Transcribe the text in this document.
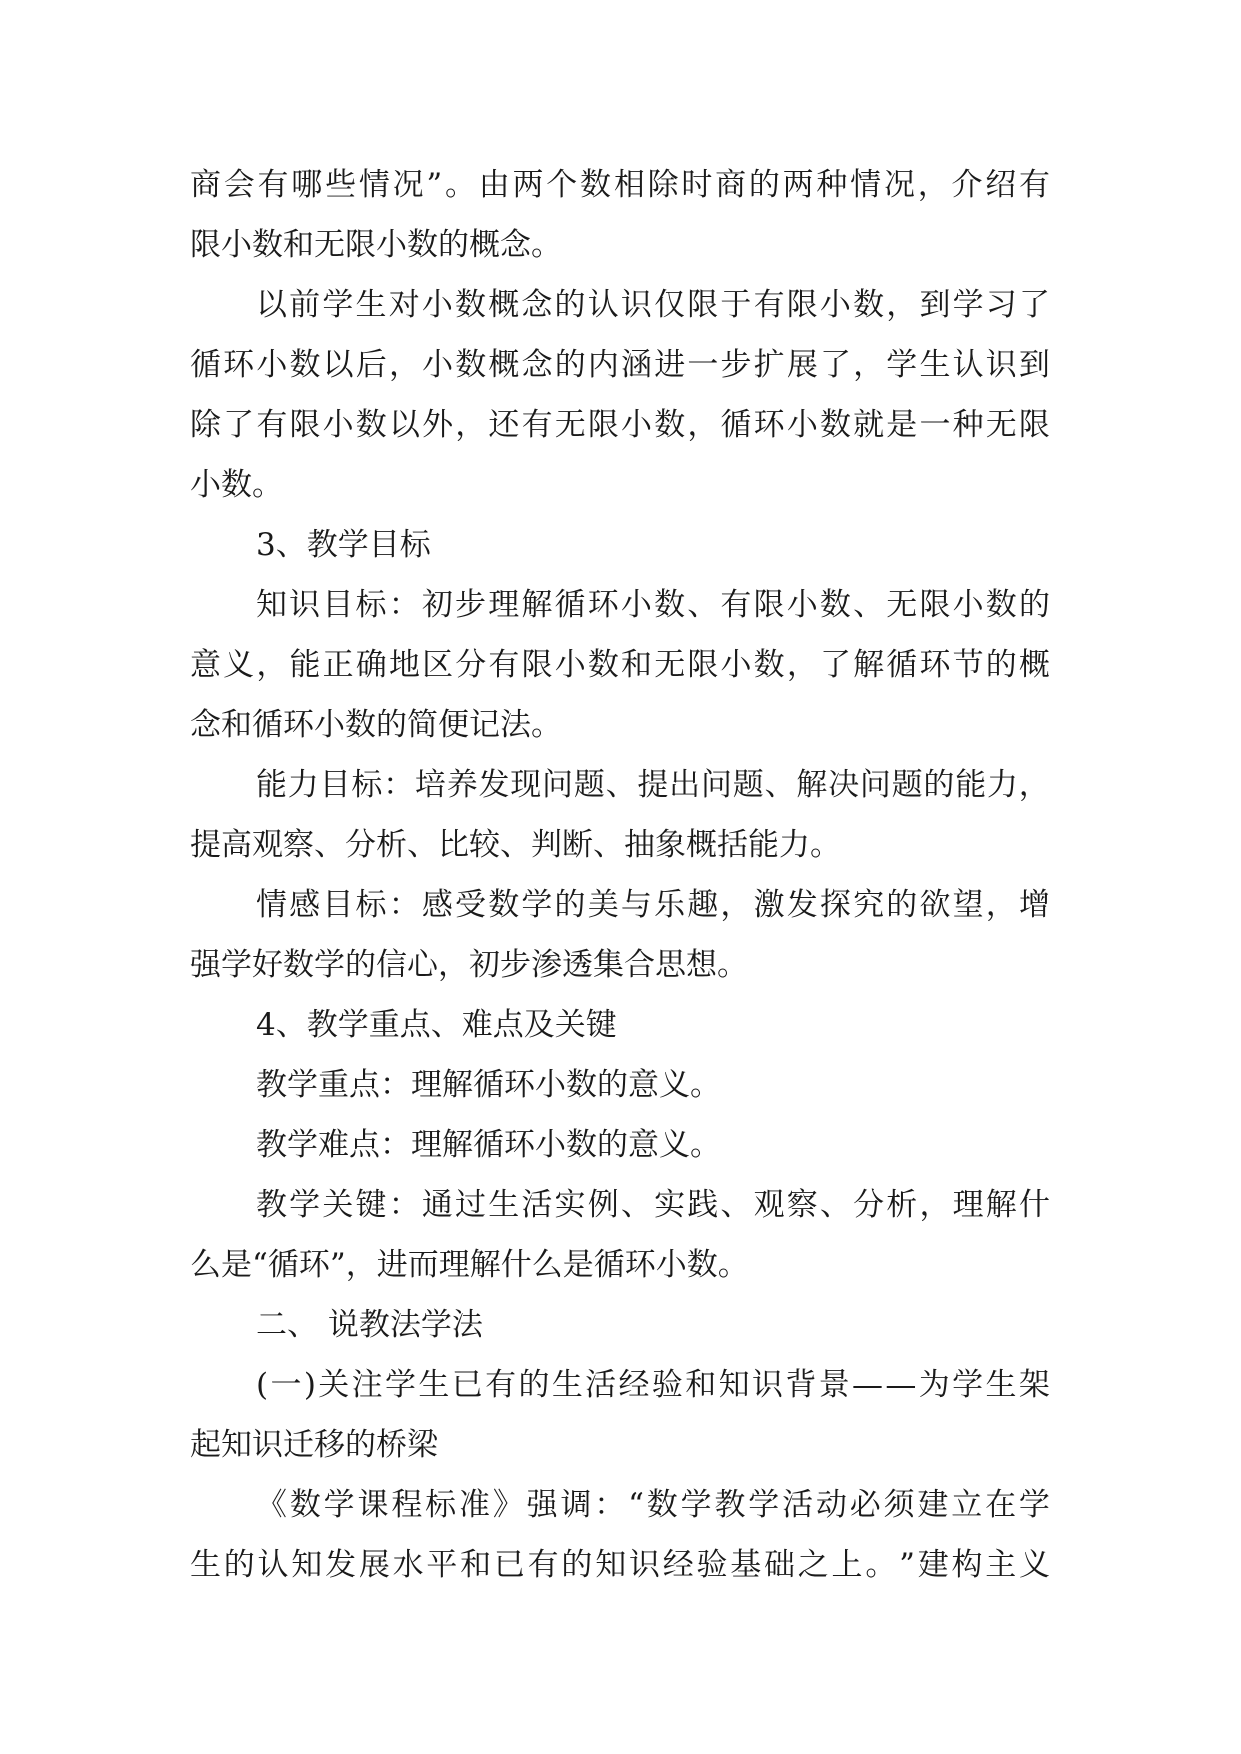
商 会 有 哪 些 情 况 ” 。 由 两 个 数 相 除 时 商 的 两 种 情 况 ， 介 绍 有
限小数和无限小数的概念。
以 前 学 生 对 小 数 概 念 的 认 识 仅 限 于 有 限 小 数 ， 到 学 习 了
循 环 小 数 以 后 ， 小 数 概 念 的 内 涵 进 一 步 扩 展 了 ， 学 生 认 识 到
除 了 有 限 小 数 以 外 ， 还 有 无 限 小 数 ， 循 环 小 数 就 是 一 种 无 限
小数。
3、教学目标
知 识 目 标 ： 初 步 理 解 循 环 小 数 、 有 限 小 数 、 无 限 小 数 的
意 义 ， 能 正 确 地 区 分 有 限 小 数 和 无 限 小 数 ， 了 解 循 环 节 的 概
念和循环小数的简便记法。
能 力 目 标 ： 培 养 发 现 问 题 、 提 出 问 题 、 解 决 问 题 的 能 力 ，
提高观察、分析、比较、判断、抽象概括能力。
情 感 目 标 ： 感 受 数 学 的 美 与 乐 趣 ， 激 发 探 究 的 欲 望 ， 增
强学好数学的信心，初步渗透集合思想。
4、教学重点、难点及关键
教学重点：理解循环小数的意义。
教学难点：理解循环小数的意义。
教 学 关 键 ： 通 过 生 活 实 例 、 实 践 、 观 察 、 分 析 ， 理 解 什
么是“循环”，进而理解什么是循环小数。
二、 说教法学法
( 一 ) 关 注 学 生 已 有 的 生 活 经 验 和 知 识 背 景 — — 为 学 生 架
起知识迁移的桥梁
《 数 学 课 程 标 准 》 强 调 ： “ 数 学 教 学 活 动 必 须 建 立 在 学
生 的 认 知 发 展 水 平 和 已 有 的 知 识 经 验 基 础 之 上 。 ” 建 构 主 义
